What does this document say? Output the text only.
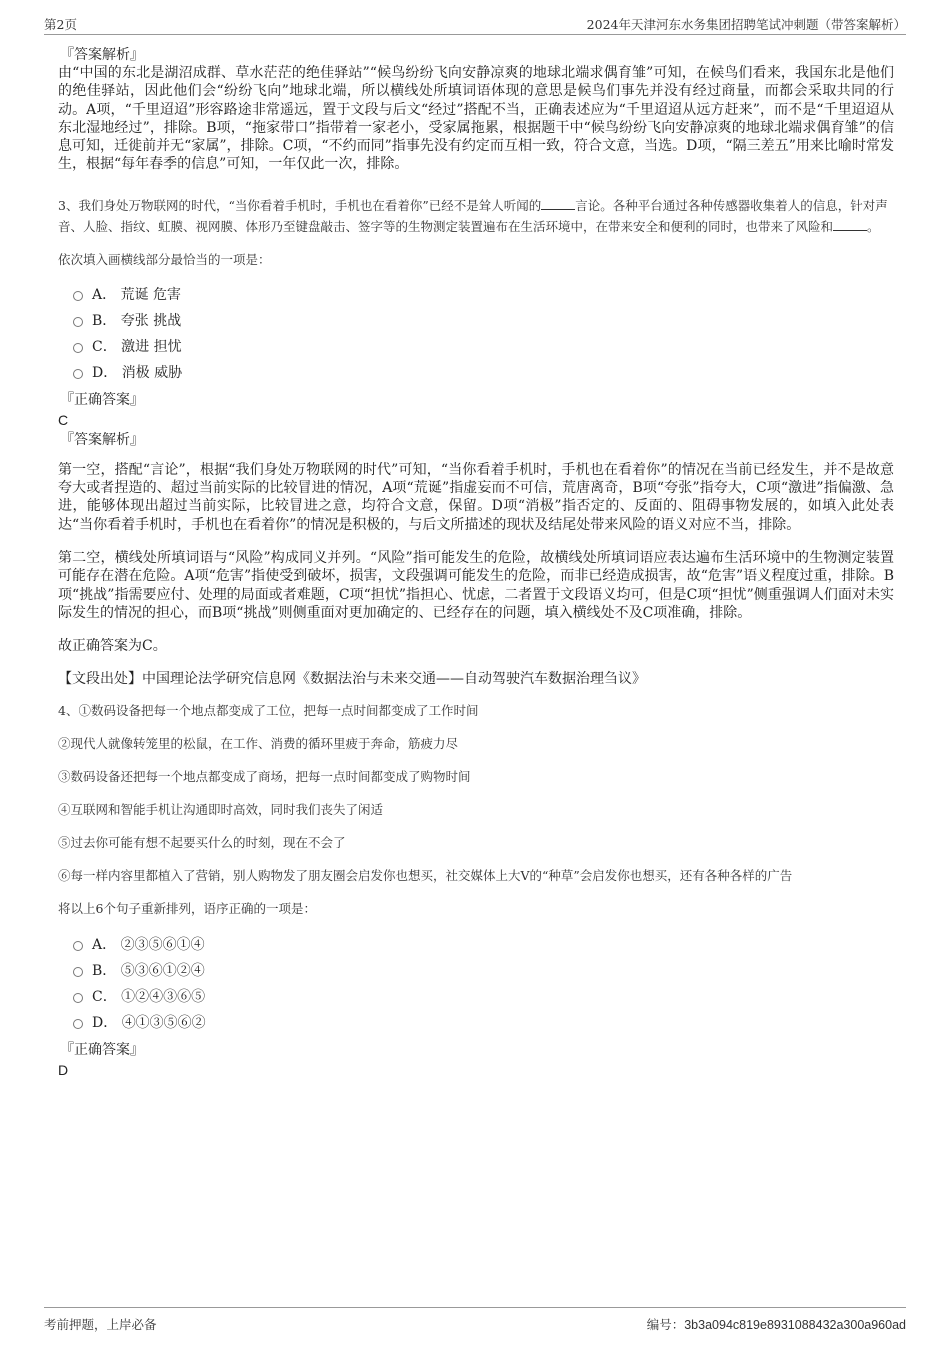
第2页	2024年天津河东水务集团招聘笔试冲刺题（带答案解析）
『答案解析』

由“中国的东北是湖沼成群、草水茫茫的绝佳驿站”“候鸟纷纷飞向安静凉爽的地球北端求偶育雏”可知，在候鸟们看来，我国东北是他们的绝佳驿站，因此他们会“纷纷飞向”地球北端，所以横线处所填词语体现的意思是候鸟们事先并没有经过商量，而都会采取共同的行动。A项，“千里迢迢”形容路途非常遥远，置于文段与后文“经过”搭配不当，正确表述应为“千里迢迢从远方赶来”，而不是“千里迢迢从东北湿地经过”，排除。B项，“拖家带口”指带着一家老小，受家属拖累，根据题干中“候鸟纷纷飞向安静凉爽的地球北端求偶育雏”的信息可知，迁徙前并无“家属”，排除。C项，“不约而同”指事先没有约定而互相一致，符合文意，当选。D项，“隔三差五”用来比喻时常发生，根据“每年春季的信息”可知，一年仅此一次，排除。

3、我们身处万物联网的时代，“当你看着手机时，手机也在看着你”已经不是耸人听闻的	言论。各种平台通过各种传感器收集着人的信息，针对声音、人脸、指纹、虹膜、视网膜、体形乃至键盘敲击、签字等的生物测定装置遍布在生活环境中，在带来安全和便利的同时，也带来了风险和	。

依次填入画横线部分最恰当的一项是：

A． 荒诞 危害
B． 夸张 挑战
C． 激进 担忧
D． 消极 威胁
『正确答案』
C
『答案解析』

第一空，搭配“言论”，根据“我们身处万物联网的时代”可知，“当你看着手机时，手机也在看着你”的情况在当前已经发生，并不是故意夸大或者捏造的、超过当前实际的比较冒进的情况，A项“荒诞”指虚妄而不可信，荒唐离奇，B项“夸张”指夸大，C项“激进”指偏激、急进，能够体现出超过当前实际，比较冒进之意，均符合文意，保留。D项“消极”指否定的、反面的、阻碍事物发展的，如填入此处表达“当你看着手机时，手机也在看着你”的情况是积极的，与后文所描述的现状及结尾处带来风险的语义对应不当，排除。

第二空，横线处所填词语与“风险”构成同义并列。“风险”指可能发生的危险，故横线处所填词语应表达遍布生活环境中的生物测定装置可能存在潜在危险。A项“危害”指使受到破坏，损害，文段强调可能发生的危险，而非已经造成损害，故“危害”语义程度过重，排除。B项“挑战”指需要应付、处理的局面或者难题，C项“担忧”指担心、忧虑，二者置于文段语义均可，但是C项“担忧”侧重强调人们面对未实际发生的情况的担心，而B项“挑战”则侧重面对更加确定的、已经存在的问题，填入横线处不及C项准确，排除。

故正确答案为C。

【文段出处】中国理论法学研究信息网《数据法治与未来交通——自动驾驶汽车数据治理刍议》

4、①数码设备把每一个地点都变成了工位，把每一点时间都变成了工作时间

②现代人就像转笼里的松鼠，在工作、消费的循环里疲于奔命，筋疲力尽

③数码设备还把每一个地点都变成了商场，把每一点时间都变成了购物时间

④互联网和智能手机让沟通即时高效，同时我们丧失了闲适

⑤过去你可能有想不起要买什么的时刻，现在不会了

⑥每一样内容里都植入了营销，别人购物发了朋友圈会启发你也想买，社交媒体上大V的“种草”会启发你也想买，还有各种各样的广告

将以上6个句子重新排列，语序正确的一项是：

A． ②③⑤⑥①④
B． ⑤③⑥①②④
C． ①②④③⑥⑤
D． ④①③⑤⑥②
『正确答案』
D
考前押题，上岸必备	编号：3b3a094c819e8931088432a300a960ad
